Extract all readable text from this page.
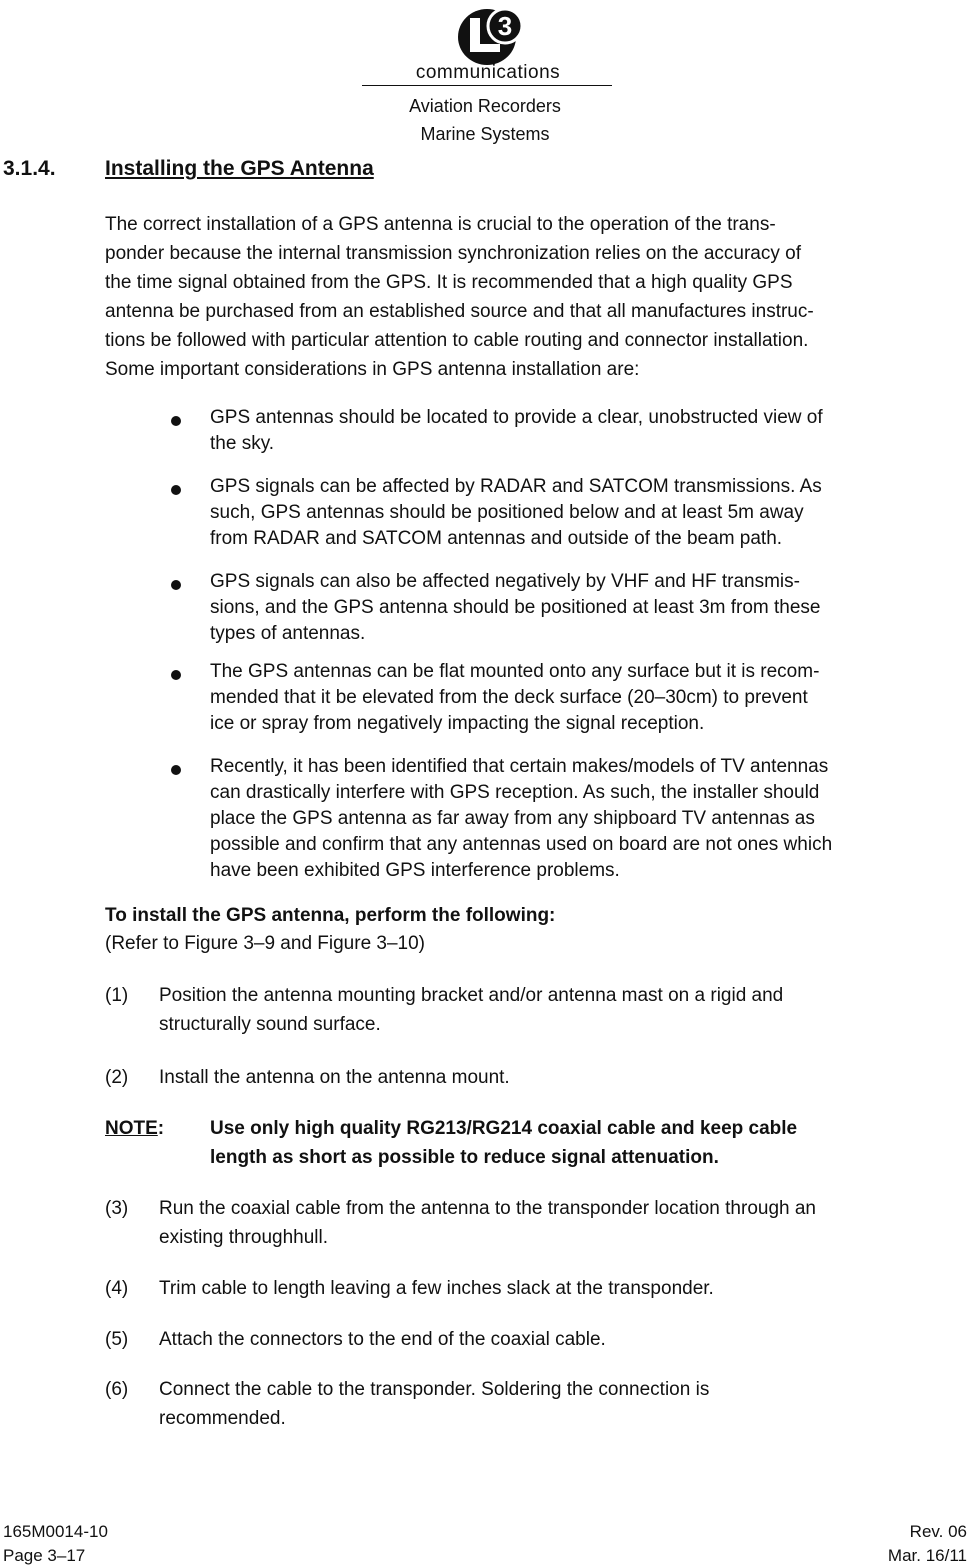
3
communications
Aviation Recorders
Marine Systems
3.1.4. Installing the GPS Antenna
The correct installation of a GPS antenna is crucial to the operation of the trans-
ponder because the internal transmission synchronization relies on the accuracy of
the time signal obtained from the GPS. It is recommended that a high quality GPS
antenna be purchased from an established source and that all manufactures instruc-
tions be followed with particular attention to cable routing and connector installation.
Some important considerations in GPS antenna installation are:
GPS antennas should be located to provide a clear, unobstructed view of
the sky.
GPS signals can be affected by RADAR and SATCOM transmissions. As
such, GPS antennas should be positioned below and at least 5m away
from RADAR and SATCOM antennas and outside of the beam path.
GPS signals can also be affected negatively by VHF and HF transmis-
sions, and the GPS antenna should be positioned at least 3m from these
types of antennas.
The GPS antennas can be flat mounted onto any surface but it is recom-
mended that it be elevated from the deck surface (20–30cm) to prevent
ice or spray from negatively impacting the signal reception.
Recently, it has been identified that certain makes/models of TV antennas
can drastically interfere with GPS reception. As such, the installer should
place the GPS antenna as far away from any shipboard TV antennas as
possible and confirm that any antennas used on board are not ones which
have been exhibited GPS interference problems.
To install the GPS antenna, perform the following:
(Refer to Figure 3–9 and Figure 3–10)
(1) Position the antenna mounting bracket and/or antenna mast on a rigid and
structurally sound surface.
(2) Install the antenna on the antenna mount.
NOTE: Use only high quality RG213/RG214 coaxial cable and keep cable
length as short as possible to reduce signal attenuation.
(3) Run the coaxial cable from the antenna to the transponder location through an
existing throughhull.
(4) Trim cable to length leaving a few inches slack at the transponder.
(5) Attach the connectors to the end of the coaxial cable.
(6) Connect the cable to the transponder. Soldering the connection is
recommended.
165M0014-10
Page 3–17
Rev. 06
Mar. 16/11
